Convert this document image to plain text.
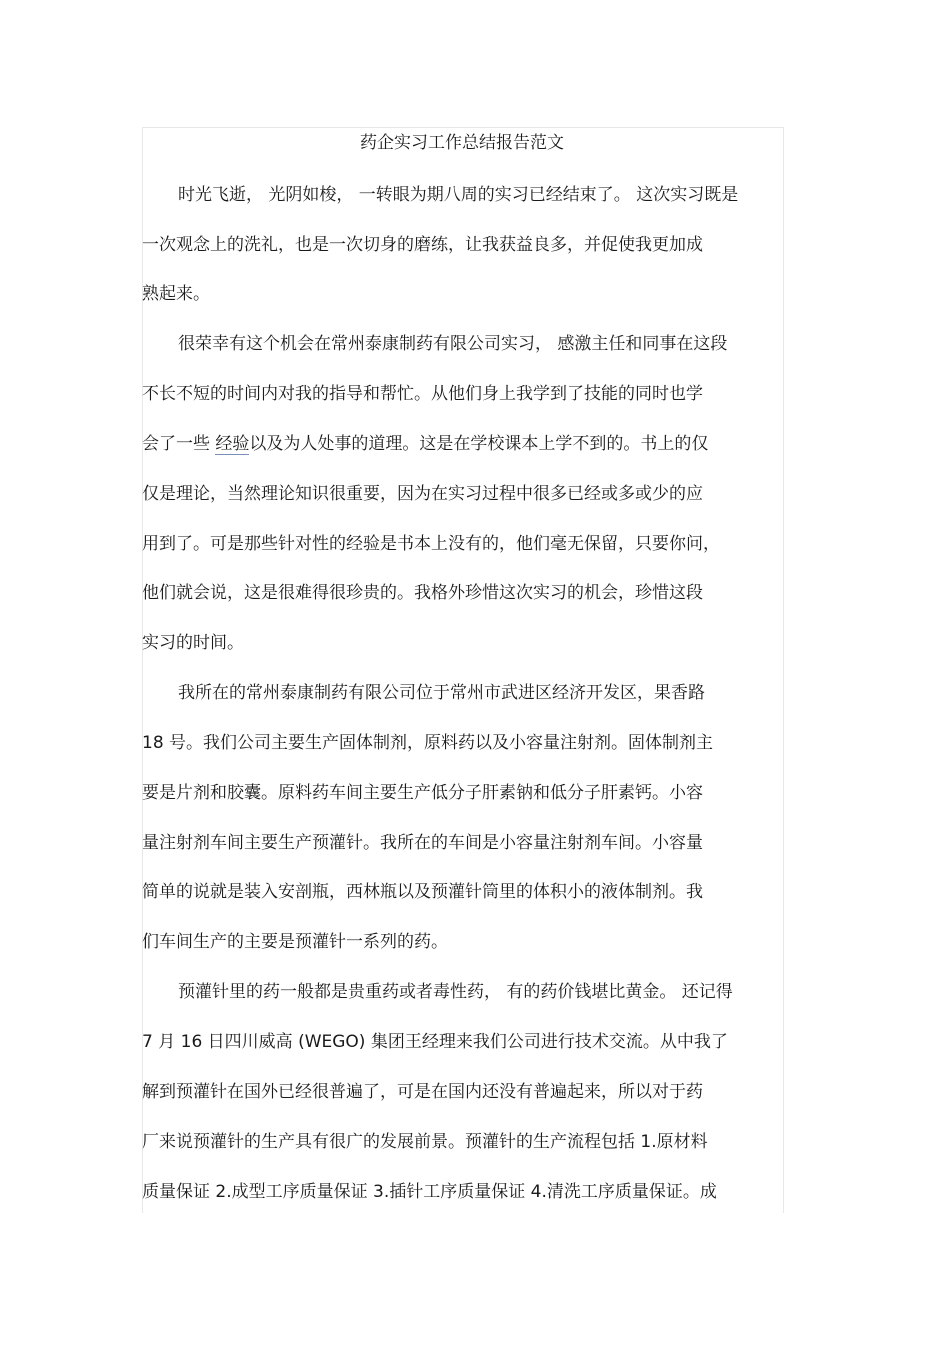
药企实习工作总结报告范文
时光飞逝， 光阴如梭， 一转眼为期八周的实习已经结束了。 这次实习既是
一次观念上的洗礼，也是一次切身的磨练，让我获益良多，并促使我更加成
熟起来。
很荣幸有这个机会在常州泰康制药有限公司实习， 感激主任和同事在这段
不长不短的时间内对我的指导和帮忙。从他们身上我学到了技能的同时也学
会了一些 经验以及为人处事的道理。这是在学校课本上学不到的。书上的仅
仅是理论，当然理论知识很重要，因为在实习过程中很多已经或多或少的应
用到了。可是那些针对性的经验是书本上没有的，他们毫无保留，只要你问，
他们就会说，这是很难得很珍贵的。我格外珍惜这次实习的机会，珍惜这段
实习的时间。
我所在的常州泰康制药有限公司位于常州市武进区经济开发区，果香路
18 号。我们公司主要生产固体制剂，原料药以及小容量注射剂。固体制剂主
要是片剂和胶囊。原料药车间主要生产低分子肝素钠和低分子肝素钙。小容
量注射剂车间主要生产预灌针。我所在的车间是小容量注射剂车间。小容量
简单的说就是装入安剖瓶，西林瓶以及预灌针筒里的体积小的液体制剂。我
们车间生产的主要是预灌针一系列的药。
预灌针里的药一般都是贵重药或者毒性药， 有的药价钱堪比黄金。 还记得
7 月 16 日四川威高 (WEGO) 集团王经理来我们公司进行技术交流。从中我了
解到预灌针在国外已经很普遍了，可是在国内还没有普遍起来，所以对于药
厂来说预灌针的生产具有很广的发展前景。预灌针的生产流程包括 1.原材料
质量保证 2.成型工序质量保证 3.插针工序质量保证 4.清洗工序质量保证。成
